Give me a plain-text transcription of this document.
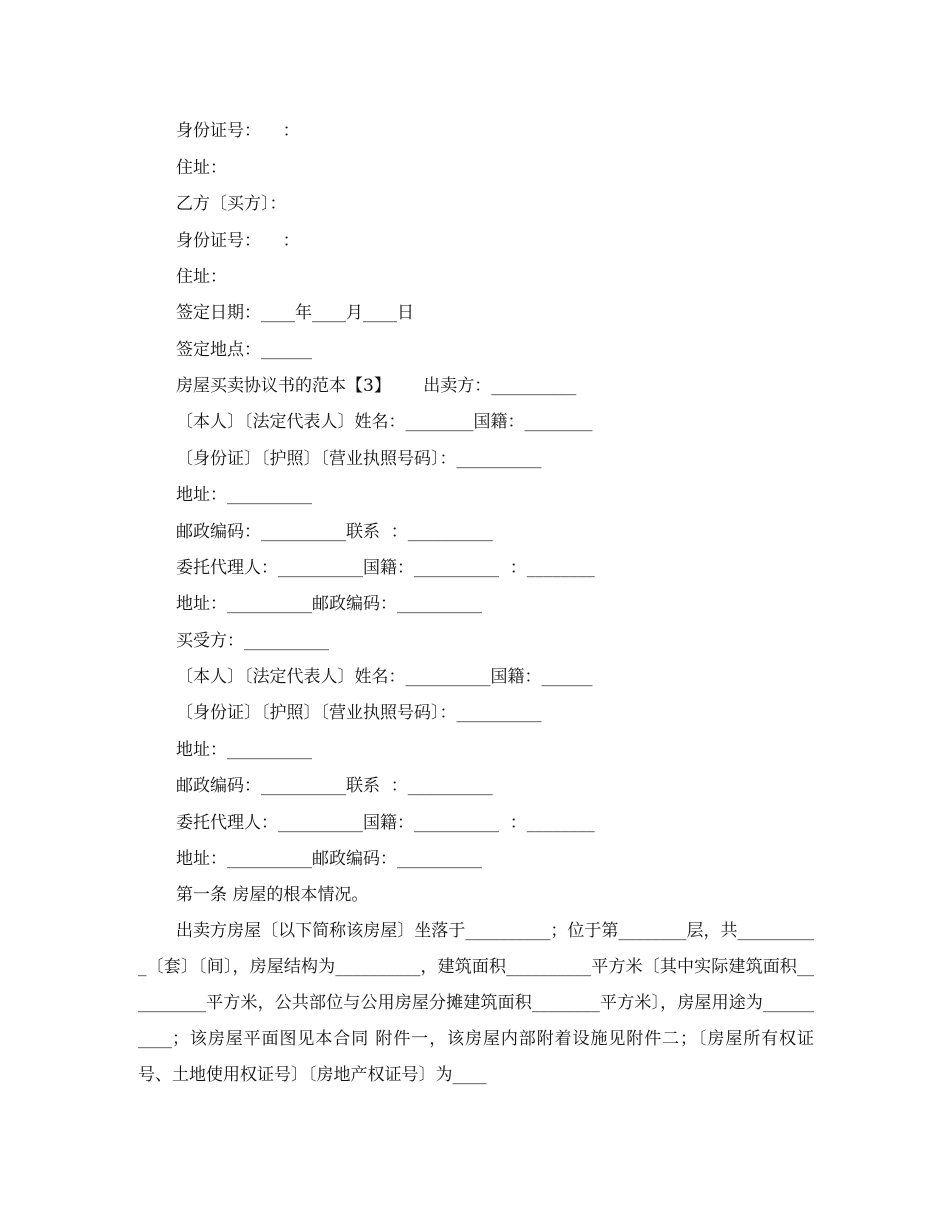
身份证号：    ：
住址：
乙方〔买方〕：
身份证号：    ：
住址：
签定日期：____年____月____日
签定地点：______
房屋买卖协议书的范本【3】      出卖方：__________
〔本人〕〔法定代表人〕姓名：________国籍：________
〔身份证〕〔护照〕〔营业执照号码〕：__________
地址：__________
邮政编码：__________联系  ：__________
委托代理人：__________国籍：__________  ：________
地址：__________邮政编码：__________
买受方：__________
〔本人〕〔法定代表人〕姓名：__________国籍：______
〔身份证〕〔护照〕〔营业执照号码〕：__________
地址：__________
邮政编码：__________联系  ：__________
委托代理人：__________国籍：__________  ：________
地址：__________邮政编码：__________
第一条 房屋的根本情况。
出卖方房屋〔以下简称该房屋〕坐落于__________；位于第________层，共__________〔套〕〔间〕，房屋结构为__________，建筑面积__________平方米〔其中实际建筑面积__________平方米，公共部位与公用房屋分摊建筑面积________平方米〕，房屋用途为__________；该房屋平面图见本合同 附件一，该房屋内部附着设施见附件二；〔房屋所有权证号、土地使用权证号〕〔房地产权证号〕为____
